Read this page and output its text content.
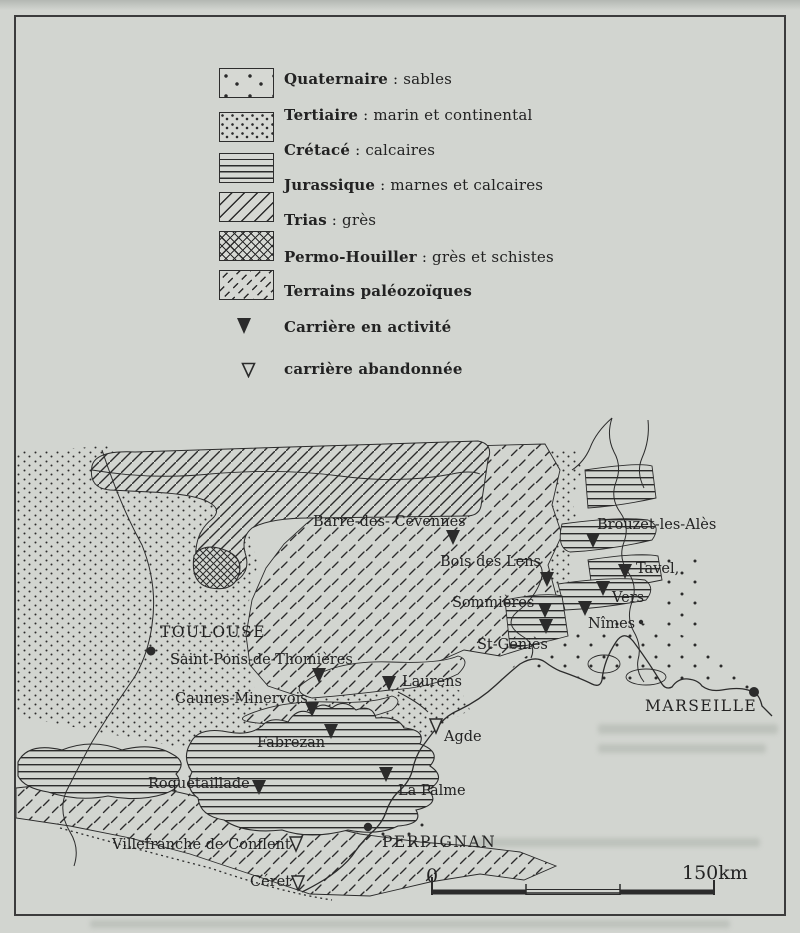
Quaternaire : sables
Tertiaire : marin et continental
Crétacé : calcaires
Jurassique : marnes et calcaires
Trias : grès
Permo-Houiller : grès et schistes
Terrains paléozoïques
Carrière en activité
carrière abandonnée
Barre-des- Cévennes	Brouzet-les-Alès
Bois des Lens	Tavel,
Sommières	Vers
Nîmes
St-Géniès
TOULOUSE
Saint-Pons-de-Thomières
Laurens
Caunes-Minervois	MARSEILLE
Fabrezan	Agde
Roquetaillade	La Palme
PERPIGNAN
Villefranche de Conflent
Céret	0	150km
